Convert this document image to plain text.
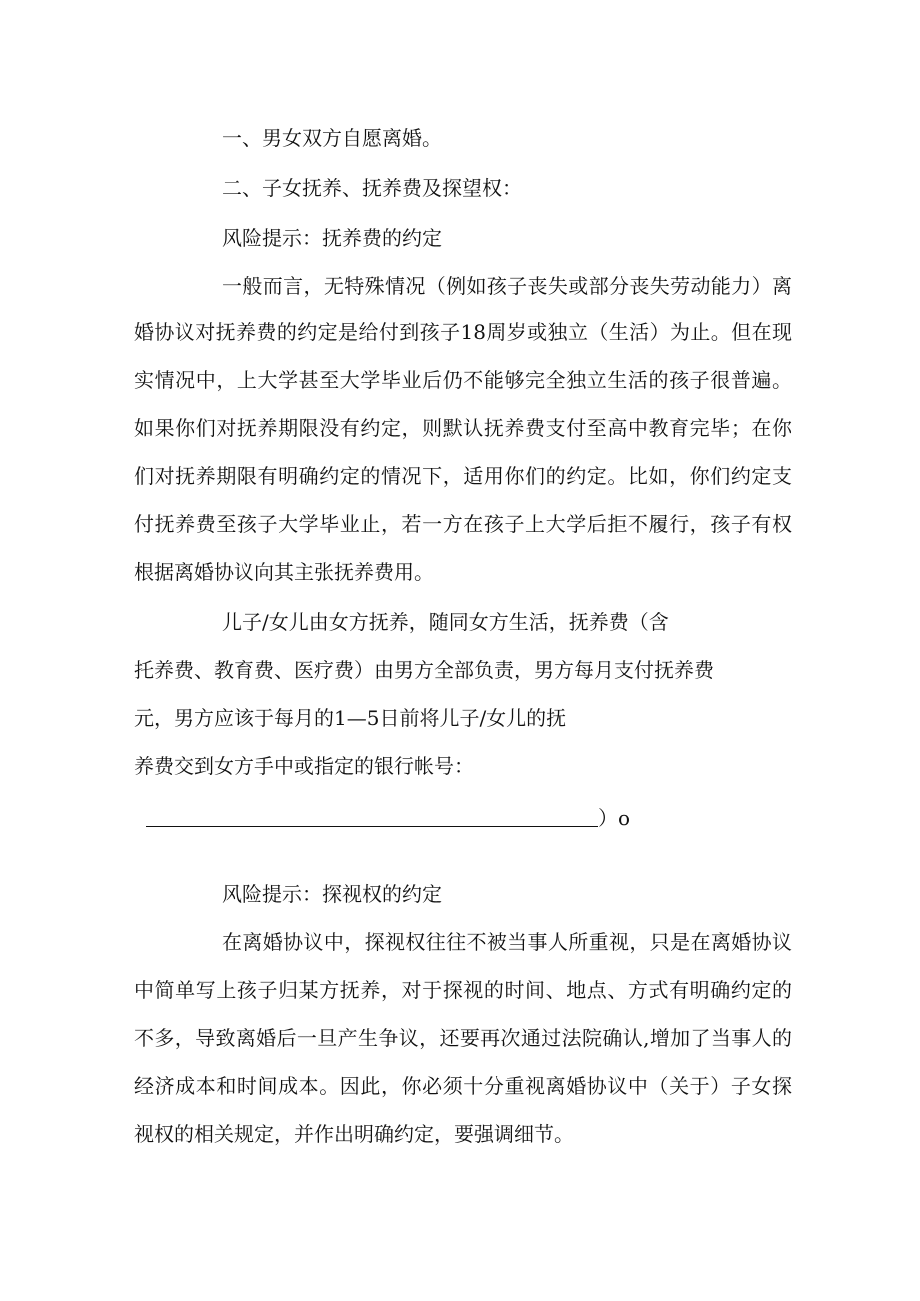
一、男女双方自愿离婚。

二、子女抚养、抚养费及探望权：

风险提示：抚养费的约定

一般而言，无特殊情况（例如孩子丧失或部分丧失劳动能力）离

婚协议对抚养费的约定是给付到孩子18周岁或独立（生活）为止。但在现

实情况中，上大学甚至大学毕业后仍不能够完全独立生活的孩子很普遍。

如果你们对抚养期限没有约定，则默认抚养费支付至高中教育完毕；在你

们对抚养期限有明确约定的情况下，适用你们的约定。比如，你们约定支

付抚养费至孩子大学毕业止，若一方在孩子上大学后拒不履行，孩子有权

根据离婚协议向其主张抚养费用。

儿子/女儿由女方抚养，随同女方生活，抚养费（含

托养费、教育费、医疗费）由男方全部负责，男方每月支付抚养费

元，男方应该于每月的1—5日前将儿子/女儿的抚

养费交到女方手中或指定的银行帐号：

）o

风险提示：探视权的约定

在离婚协议中，探视权往往不被当事人所重视，只是在离婚协议

中简单写上孩子归某方抚养，对于探视的时间、地点、方式有明确约定的

不多，导致离婚后一旦产生争议，还要再次通过法院确认,增加了当事人的

经济成本和时间成本。因此，你必须十分重视离婚协议中（关于）子女探

视权的相关规定，并作出明确约定，要强调细节。
